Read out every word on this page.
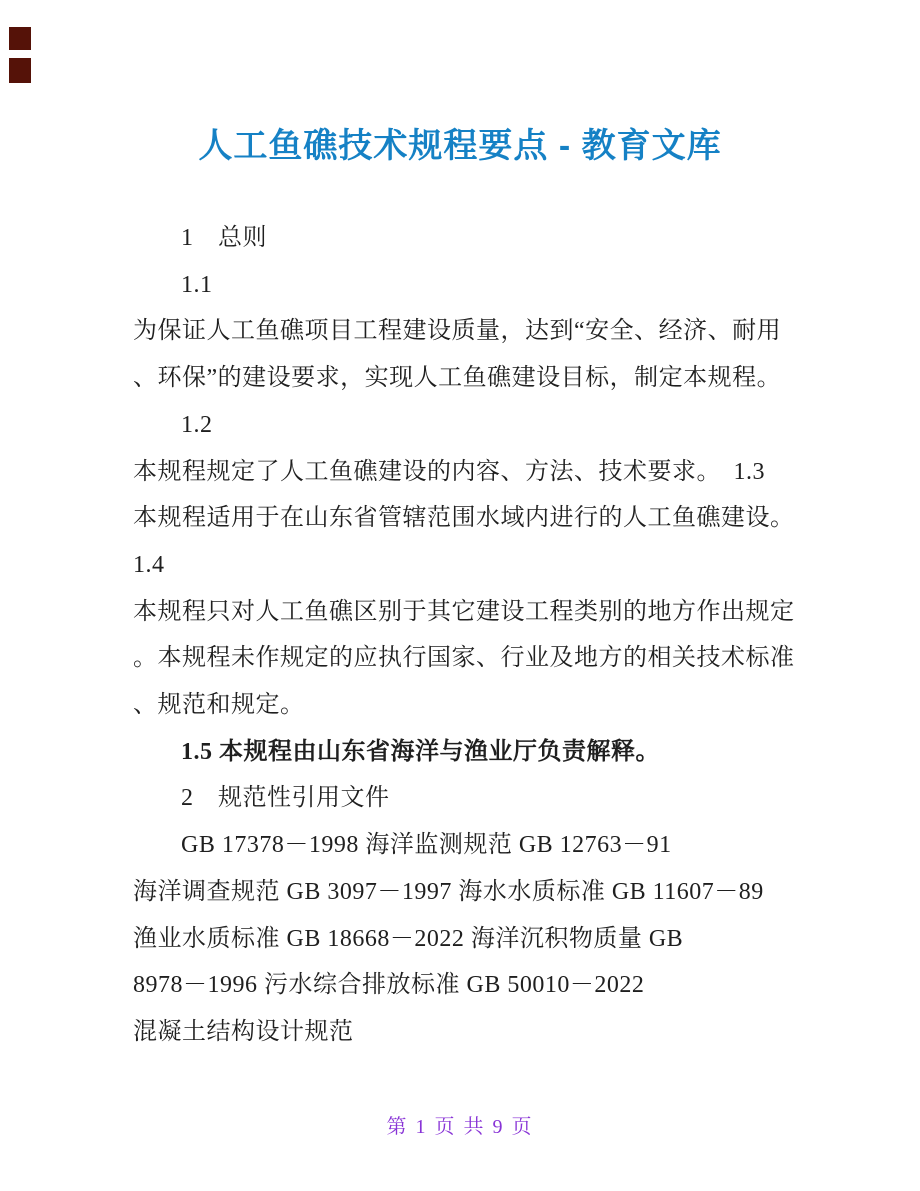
人工鱼礁技术规程要点 - 教育文库
1　总则
1.1
为保证人工鱼礁项目工程建设质量，达到“安全、经济、耐用
、环保”的建设要求，实现人工鱼礁建设目标，制定本规程。
1.2
本规程规定了人工鱼礁建设的内容、方法、技术要求。　1.3
本规程适用于在山东省管辖范围水域内进行的人工鱼礁建设。
1.4
本规程只对人工鱼礁区别于其它建设工程类别的地方作出规定
。本规程未作规定的应执行国家、行业及地方的相关技术标准
、规范和规定。
1.5 本规程由山东省海洋与渔业厅负责解释。
2　规范性引用文件
GB 17378－1998 海洋监测规范 GB 12763－91
海洋调查规范 GB 3097－1997 海水水质标准 GB 11607－89
渔业水质标准 GB 18668－2022 海洋沉积物质量 GB
8978－1996 污水综合排放标准 GB 50010－2022
混凝土结构设计规范
第 1 页 共 9 页
